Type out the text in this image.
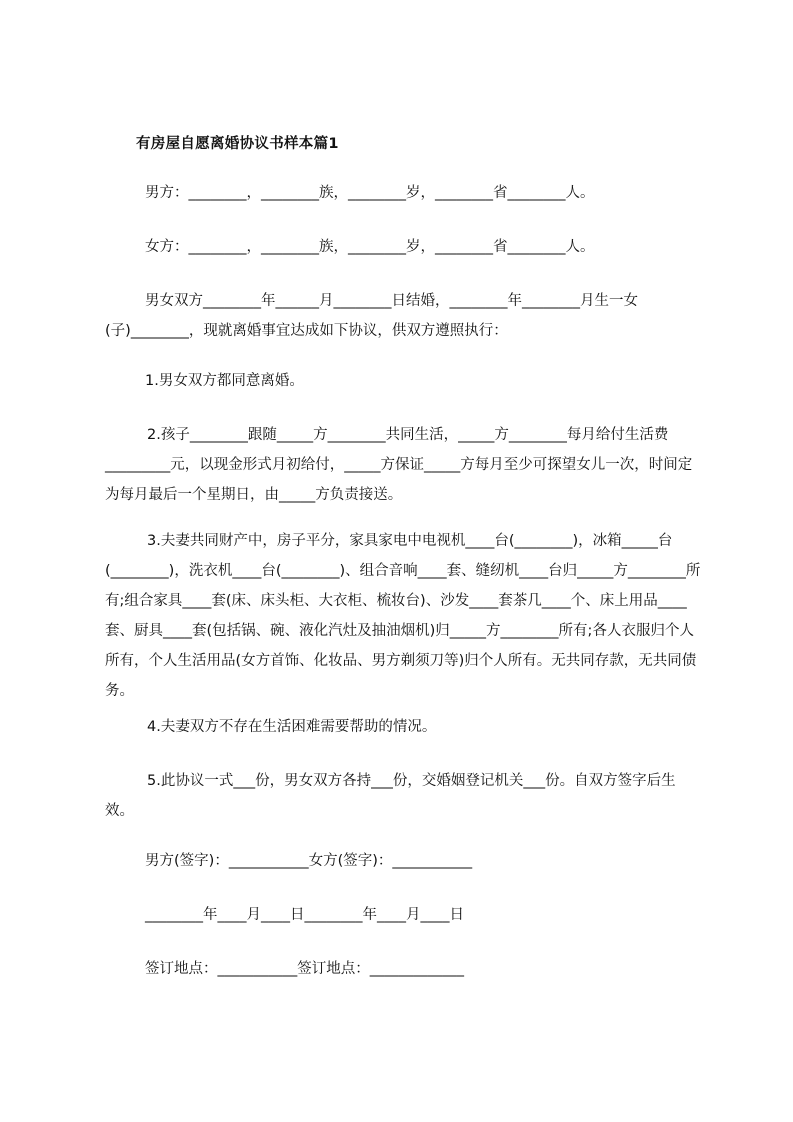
有房屋自愿离婚协议书样本篇1
男方：________，________族，________岁，________省________人。
女方：________，________族，________岁，________省________人。
男女双方________年______月________日结婚，________年________月生一女(子)________，现就离婚事宜达成如下协议，供双方遵照执行：
1.男女双方都同意离婚。
2.孩子________跟随_____方________共同生活，_____方________每月给付生活费_________元，以现金形式月初给付，_____方保证_____方每月至少可探望女儿一次，时间定为每月最后一个星期日，由_____方负责接送。
3.夫妻共同财产中，房子平分，家具家电中电视机____台(________)，冰箱_____台(________)，洗衣机____台(________)、组合音响____套、缝纫机____台归_____方________所有;组合家具____套(床、床头柜、大衣柜、梳妆台)、沙发____套茶几____个、床上用品____套、厨具____套(包括锅、碗、液化汽灶及抽油烟机)归_____方________所有;各人衣服归个人所有，个人生活用品(女方首饰、化妆品、男方剃须刀等)归个人所有。无共同存款，无共同债务。
4.夫妻双方不存在生活困难需要帮助的情况。
5.此协议一式___份，男女双方各持___份，交婚姻登记机关___份。自双方签字后生效。
男方(签字)：___________女方(签字)：___________
________年____月____日________年____月____日
签订地点：___________签订地点：_____________
